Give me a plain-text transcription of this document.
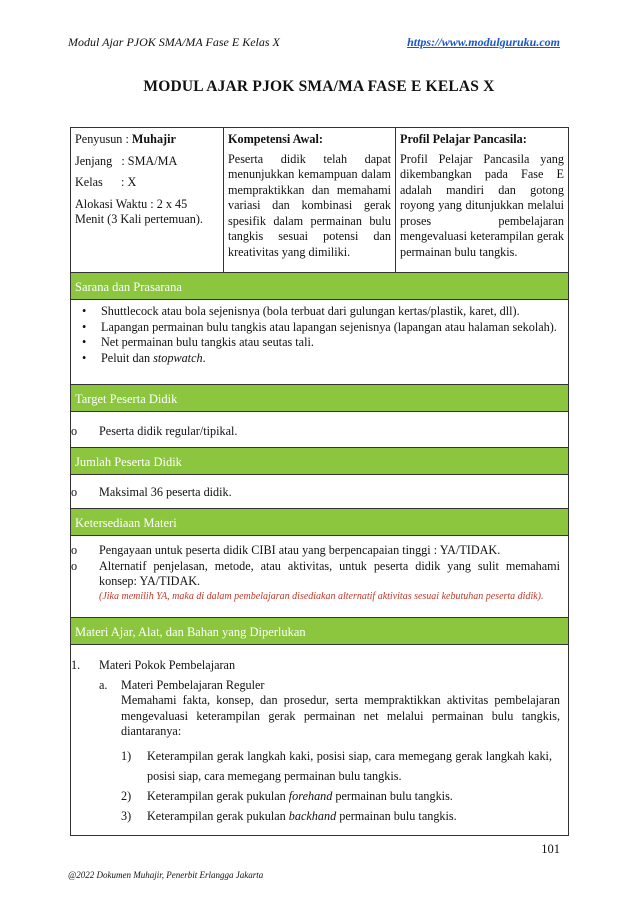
Modul Ajar PJOK SMA/MA Fase E Kelas X	https://www.modulguruku.com
MODUL AJAR PJOK SMA/MA FASE E KELAS X
Penyusun : Muhajir
Jenjang   : SMA/MA
Kelas      : X
Alokasi Waktu : 2 x 45 Menit (3 Kali pertemuan).
Kompetensi Awal:

Peserta didik telah dapat menunjukkan kemampuan dalam mempraktikkan dan memahami variasi dan kombinasi gerak spesifik dalam permainan bulu tangkis sesuai potensi dan kreativitas yang dimiliki.

Profil Pelajar Pancasila:

Profil Pelajar Pancasila yang dikembangkan pada Fase E adalah mandiri dan gotong royong yang ditunjukkan melalui proses pembelajaran mengevaluasi keterampilan gerak permainan bulu tangkis.

Sarana dan Prasarana
• Shuttlecock atau bola sejenisnya (bola terbuat dari gulungan kertas/plastik, karet, dll).
• Lapangan permainan bulu tangkis atau lapangan sejenisnya (lapangan atau halaman sekolah).
• Net permainan bulu tangkis atau seutas tali.
• Peluit dan stopwatch.
Target Peserta Didik
o Peserta didik regular/tipikal.
Jumlah Peserta Didik
o Maksimal 36 peserta didik.
Ketersediaan Materi
o Pengayaan untuk peserta didik CIBI atau yang berpencapaian tinggi : YA/TIDAK.
o Alternatif penjelasan, metode, atau aktivitas, untuk peserta didik yang sulit memahami konsep: YA/TIDAK.
(Jika memilih YA, maka di dalam pembelajaran disediakan alternatif aktivitas sesuai kebutuhan peserta didik).
Materi Ajar, Alat, dan Bahan yang Diperlukan
1. Materi Pokok Pembelajaran
a. Materi Pembelajaran Reguler

Memahami fakta, konsep, dan prosedur, serta mempraktikkan aktivitas pembelajaran mengevaluasi keterampilan gerak permainan net melalui permainan bulu tangkis, diantaranya:

1) Keterampilan gerak langkah kaki, posisi siap, cara memegang gerak langkah kaki, posisi siap, cara memegang permainan bulu tangkis.
2) Keterampilan gerak pukulan forehand permainan bulu tangkis.
3) Keterampilan gerak pukulan backhand permainan bulu tangkis.
101
@2022 Dokumen Muhajir, Penerbit Erlangga Jakarta
